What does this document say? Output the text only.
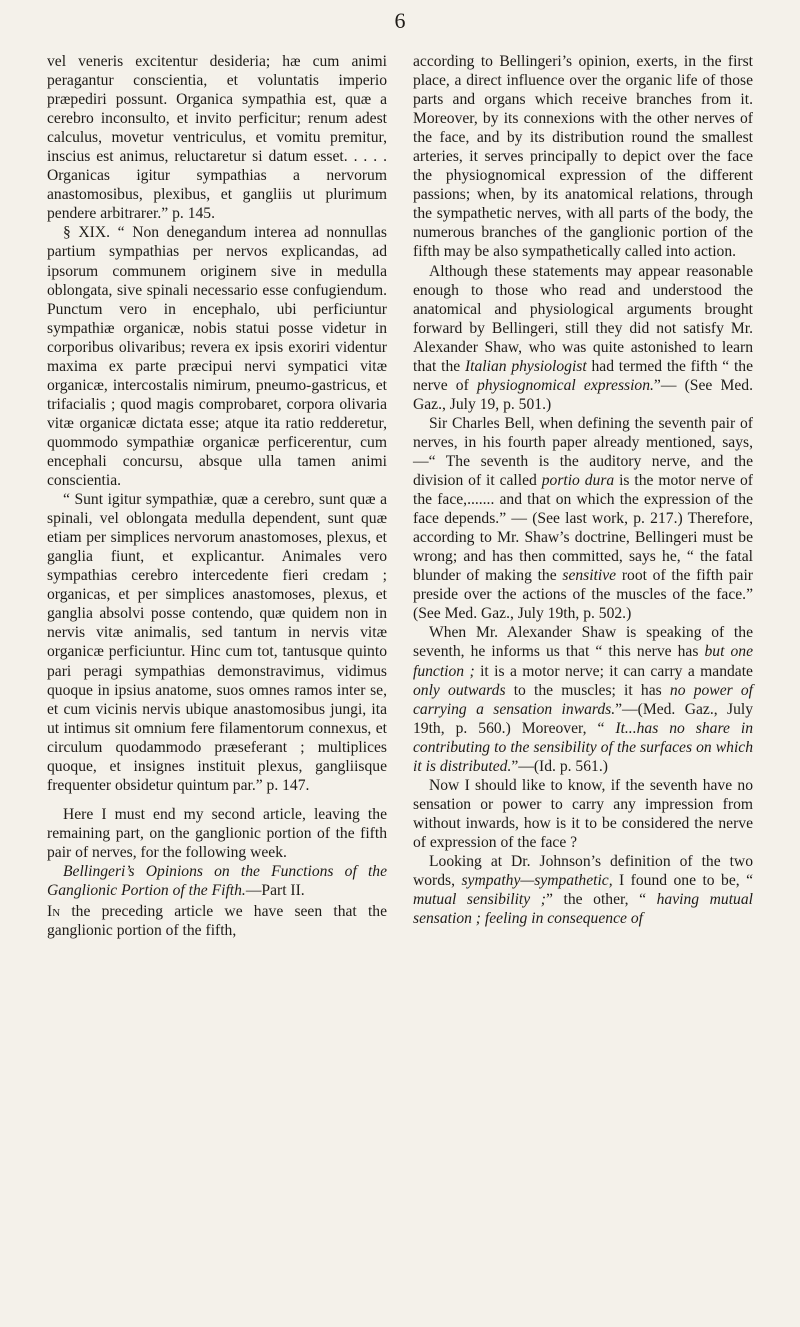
6

vel veneris excitentur desideria; hæ cum animi peragantur conscientia, et voluntatis imperio præpediri possunt. Organica sympathia est, quæ a cerebro inconsulto, et invito perficitur; renum adest calculus, movetur ventriculus, et vomitu premitur, inscius est animus, reluctaretur si datum esset. . . . . Organicas igitur sympathias a nervorum anastomosibus, plexibus, et gangliis ut plurimum pendere arbitrarer.” p. 145.

§ XIX. “ Non denegandum interea ad nonnullas partium sympathias per nervos explicandas, ad ipsorum communem originem sive in medulla oblongata, sive spinali necessario esse confugiendum. Punctum vero in encephalo, ubi perficiuntur sympathiæ organicæ, nobis statui posse videtur in corporibus olivaribus; revera ex ipsis exoriri videntur maxima ex parte præcipui nervi sympatici vitæ organicæ, intercostalis nimirum, pneumo-gastricus, et trifacialis ; quod magis comprobaret, corpora olivaria vitæ organicæ dictata esse; atque ita ratio redderetur, quommodo sympathiæ organicæ perficerentur, cum encephali concursu, absque ulla tamen animi conscientia.

“ Sunt igitur sympathiæ, quæ a cerebro, sunt quæ a spinali, vel oblongata medulla dependent, sunt quæ etiam per simplices nervorum anastomoses, plexus, et ganglia fiunt, et explicantur. Animales vero sympathias cerebro intercedente fieri credam ; organicas, et per simplices anastomoses, plexus, et ganglia absolvi posse contendo, quæ quidem non in nervis vitæ animalis, sed tantum in nervis vitæ organicæ perficiuntur. Hinc cum tot, tantusque quinto pari peragi sympathias demonstravimus, vidimus quoque in ipsius anatome, suos omnes ramos inter se, et cum vicinis nervis ubique anastomosibus jungi, ita ut intimus sit omnium fere filamentorum connexus, et circulum quodammodo præseferant ; multiplices quoque, et insignes instituit plexus, gangliisque frequenter obsidetur quintum par.” p. 147.

Here I must end my second article, leaving the remaining part, on the ganglionic portion of the fifth pair of nerves, for the following week.

Bellingeri’s Opinions on the Functions of the Ganglionic Portion of the Fifth.—Part II.

In the preceding article we have seen that the ganglionic portion of the fifth,

according to Bellingeri’s opinion, exerts, in the first place, a direct influence over the organic life of those parts and organs which receive branches from it. Moreover, by its connexions with the other nerves of the face, and by its distribution round the smallest arteries, it serves principally to depict over the face the physiognomical expression of the different passions; when, by its anatomical relations, through the sympathetic nerves, with all parts of the body, the numerous branches of the ganglionic portion of the fifth may be also sympathetically called into action.

Although these statements may appear reasonable enough to those who read and understood the anatomical and physiological arguments brought forward by Bellingeri, still they did not satisfy Mr. Alexander Shaw, who was quite astonished to learn that the Italian physiologist had termed the fifth “ the nerve of physiognomical expression.”— (See Med. Gaz., July 19, p. 501.)

Sir Charles Bell, when defining the seventh pair of nerves, in his fourth paper already mentioned, says,—“ The seventh is the auditory nerve, and the division of it called portio dura is the motor nerve of the face,....... and that on which the expression of the face depends.” — (See last work, p. 217.) Therefore, according to Mr. Shaw’s doctrine, Bellingeri must be wrong; and has then committed, says he, “ the fatal blunder of making the sensitive root of the fifth pair preside over the actions of the muscles of the face.” (See Med. Gaz., July 19th, p. 502.)

When Mr. Alexander Shaw is speaking of the seventh, he informs us that “ this nerve has but one function ; it is a motor nerve; it can carry a mandate only outwards to the muscles; it has no power of carrying a sensation inwards.”—(Med. Gaz., July 19th, p. 560.) Moreover, “ It...has no share in contributing to the sensibility of the surfaces on which it is distributed.”—(Id. p. 561.)

Now I should like to know, if the seventh have no sensation or power to carry any impression from without inwards, how is it to be considered the nerve of expression of the face ?

Looking at Dr. Johnson’s definition of the two words, sympathy—sympathetic, I found one to be, “ mutual sensibility ;” the other, “ having mutual sensation ; feeling in consequence of
